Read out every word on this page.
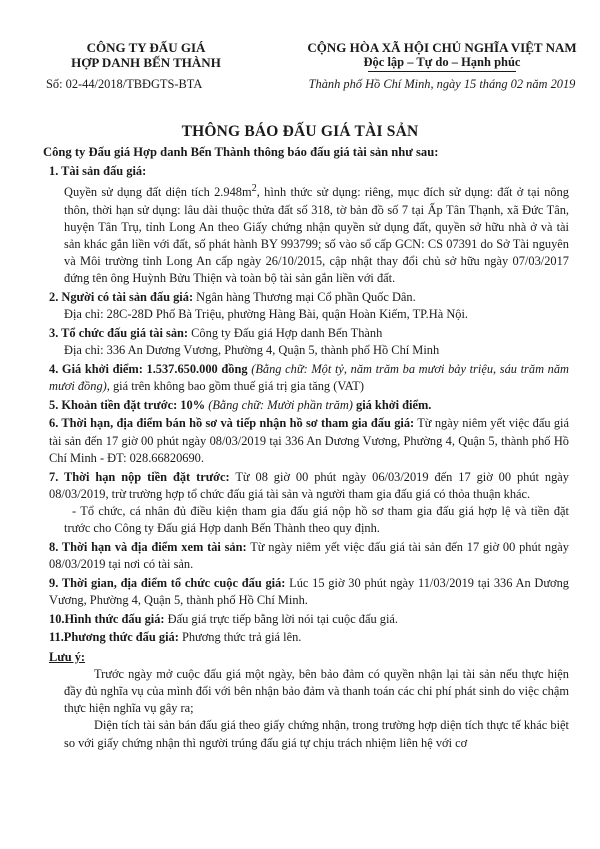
CÔNG TY ĐẤU GIÁ
HỢP DANH BẾN THÀNH
Số: 02-44/2018/TBĐGTS-BTA
CỘNG HÒA XÃ HỘI CHỦ NGHĨA VIỆT NAM
Độc lập – Tự do – Hạnh phúc
Thành phố Hồ Chí Minh, ngày 15 tháng 02 năm 2019
THÔNG BÁO ĐẤU GIÁ TÀI SẢN
Công ty Đấu giá Hợp danh Bến Thành thông báo đấu giá tài sản như sau:
1. Tài sản đấu giá:
Quyền sử dụng đất diện tích $2.948m^2$, hình thức sử dụng: riêng, mục đích sử dụng: đất ở tại nông thôn, thời hạn sử dụng: lâu dài thuộc thửa đất số 318, tờ bản đồ số 7 tại Ấp Tân Thạnh, xã Đức Tân, huyện Tân Trụ, tỉnh Long An theo Giấy chứng nhận quyền sử dụng đất, quyền sở hữu nhà ở và tài sản khác gắn liền với đất, số phát hành BY 993799; số vào sổ cấp GCN: CS 07391 do Sở Tài nguyên và Môi trường tỉnh Long An cấp ngày 26/10/2015, cập nhật thay đổi chủ sở hữu ngày 07/03/2017 đứng tên ông Huỳnh Bửu Thiện và toàn bộ tài sản gắn liền với đất.
2. Người có tài sản đấu giá: Ngân hàng Thương mại Cổ phần Quốc Dân.
Địa chỉ: 28C-28D Phố Bà Triệu, phường Hàng Bài, quận Hoàn Kiếm, TP.Hà Nội.
3. Tổ chức đấu giá tài sản: Công ty Đấu giá Hợp danh Bến Thành
Địa chỉ: 336 An Dương Vương, Phường 4, Quận 5, thành phố Hồ Chí Minh
4. Giá khởi điểm: 1.537.650.000 đồng (Bằng chữ: Một tỷ, năm trăm ba mươi bảy triệu, sáu trăm năm mươi đồng), giá trên không bao gồm thuế giá trị gia tăng (VAT)
5. Khoản tiền đặt trước: 10% (Bằng chữ: Mười phần trăm) giá khởi điểm.
6. Thời hạn, địa điểm bán hồ sơ và tiếp nhận hồ sơ tham gia đấu giá: Từ ngày niêm yết việc đấu giá tài sản đến 17 giờ 00 phút ngày 08/03/2019 tại 336 An Dương Vương, Phường 4, Quận 5, thành phố Hồ Chí Minh - ĐT: 028.66820690.
7. Thời hạn nộp tiền đặt trước: Từ 08 giờ 00 phút ngày 06/03/2019 đến 17 giờ 00 phút ngày 08/03/2019, trừ trường hợp tổ chức đấu giá tài sản và người tham gia đấu giá có thỏa thuận khác.
- Tổ chức, cá nhân đủ điều kiện tham gia đấu giá nộp hồ sơ tham gia đấu giá hợp lệ và tiền đặt trước cho Công ty Đấu giá Hợp danh Bến Thành theo quy định.
8. Thời hạn và địa điểm xem tài sản: Từ ngày niêm yết việc đấu giá tài sản đến 17 giờ 00 phút ngày 08/03/2019 tại nơi có tài sản.
9. Thời gian, địa điểm tổ chức cuộc đấu giá: Lúc 15 giờ 30 phút ngày 11/03/2019 tại 336 An Dương Vương, Phường 4, Quận 5, thành phố Hồ Chí Minh.
10.Hình thức đấu giá: Đấu giá trực tiếp bằng lời nói tại cuộc đấu giá.
11.Phương thức đấu giá: Phương thức trả giá lên.
Lưu ý:
Trước ngày mở cuộc đấu giá một ngày, bên bảo đảm có quyền nhận lại tài sản nếu thực hiện đầy đủ nghĩa vụ của mình đối với bên nhận bảo đảm và thanh toán các chi phí phát sinh do việc chậm thực hiện nghĩa vụ gây ra;
Diện tích tài sản bán đấu giá theo giấy chứng nhận, trong trường hợp diện tích thực tế khác biệt so với giấy chứng nhận thì người trúng đấu giá tự chịu trách nhiệm liên hệ với cơ
